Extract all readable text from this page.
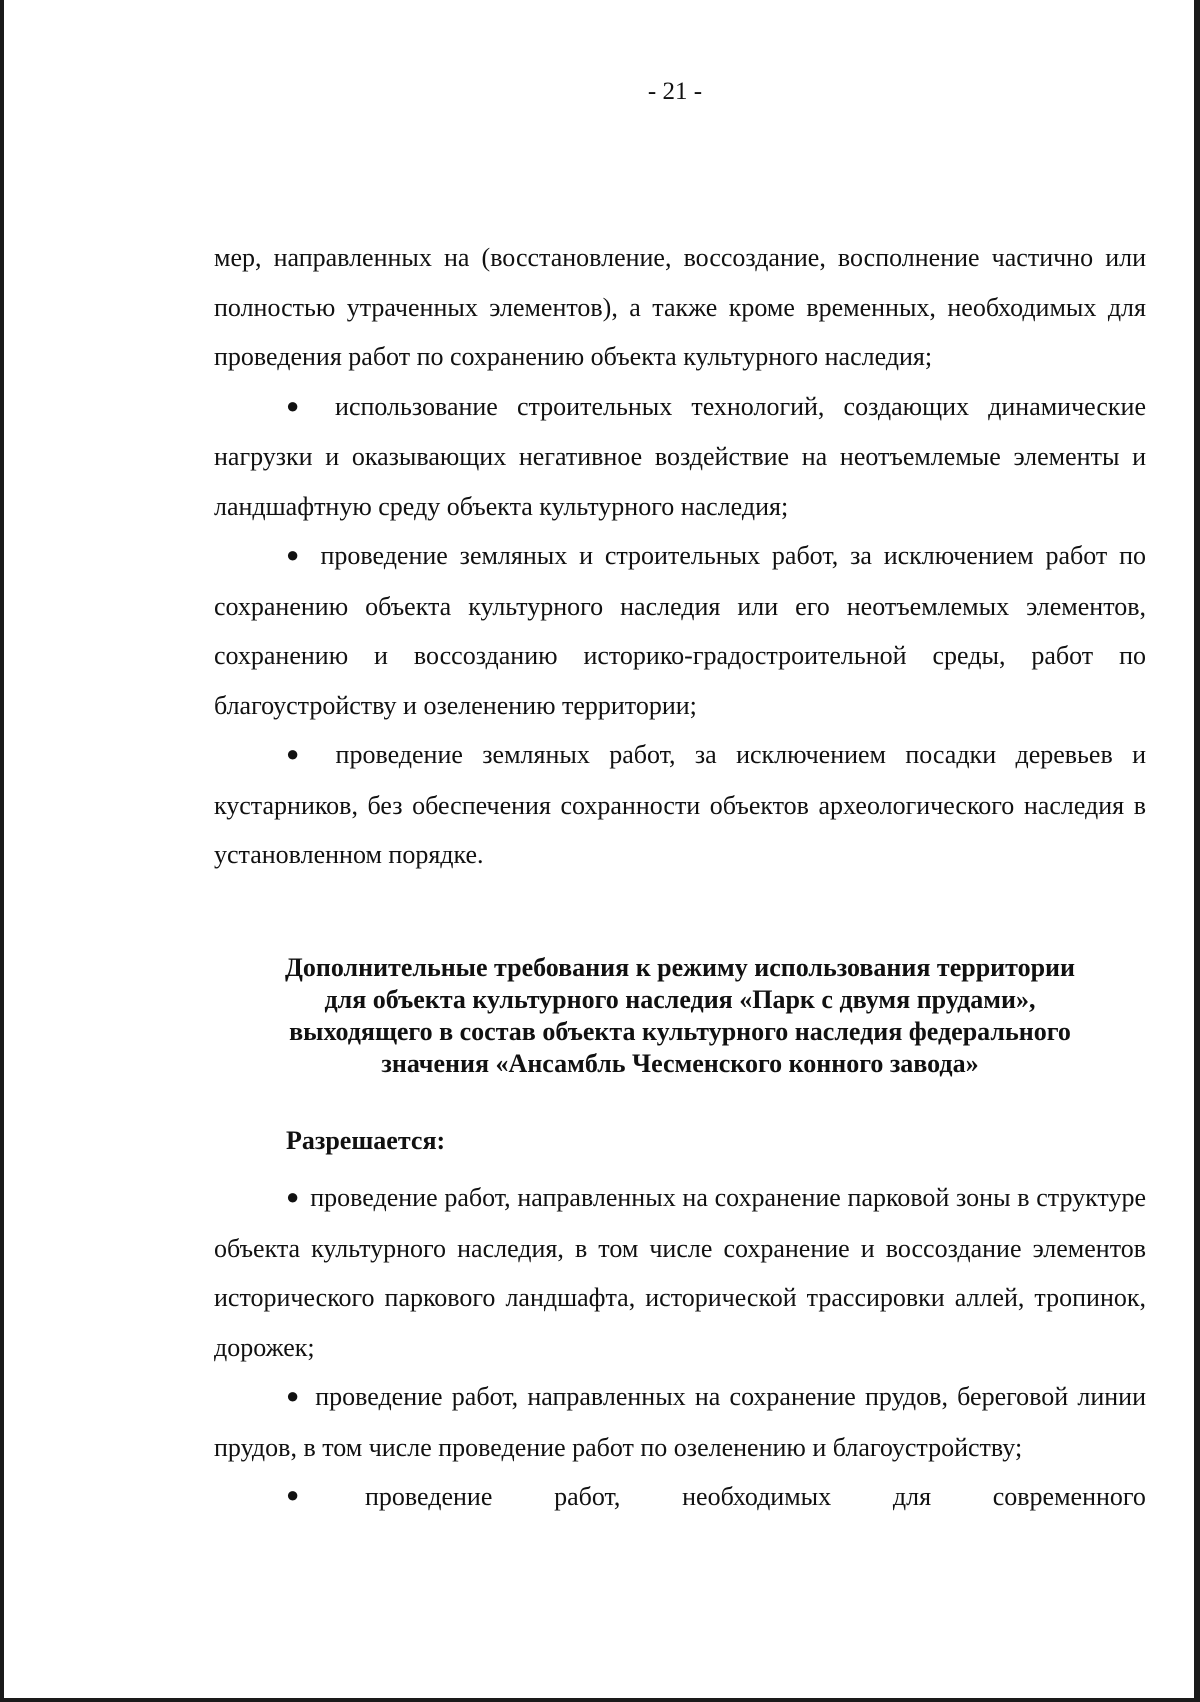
- 21 -

мер, направленных на (восстановление, воссоздание, восполнение частично или полностью утраченных элементов), а также кроме временных, необходимых для проведения работ по сохранению объекта культурного наследия;

● использование строительных технологий, создающих динамические нагрузки и оказывающих негативное воздействие на неотъемлемые элементы и ландшафтную среду объекта культурного наследия;

● проведение земляных и строительных работ, за исключением работ по сохранению объекта культурного наследия или его неотъемлемых элементов, сохранению и воссозданию историко-градостроительной среды, работ по благоустройству и озеленению территории;

● проведение земляных работ, за исключением посадки деревьев и кустарников, без обеспечения сохранности объектов археологического наследия в установленном порядке.

Дополнительные требования к режиму использования территории
для объекта культурного наследия «Парк с двумя прудами»,
выходящего в состав объекта культурного наследия федерального
значения «Ансамбль Чесменского конного завода»
Разрешается:

● проведение работ, направленных на сохранение парковой зоны в структуре объекта культурного наследия, в том числе сохранение и воссоздание элементов исторического паркового ландшафта, исторической трассировки аллей, тропинок, дорожек;

● проведение работ, направленных на сохранение прудов, береговой линии прудов, в том числе проведение работ по озеленению и благоустройству;

●	проведение работ, необходимых для современного
